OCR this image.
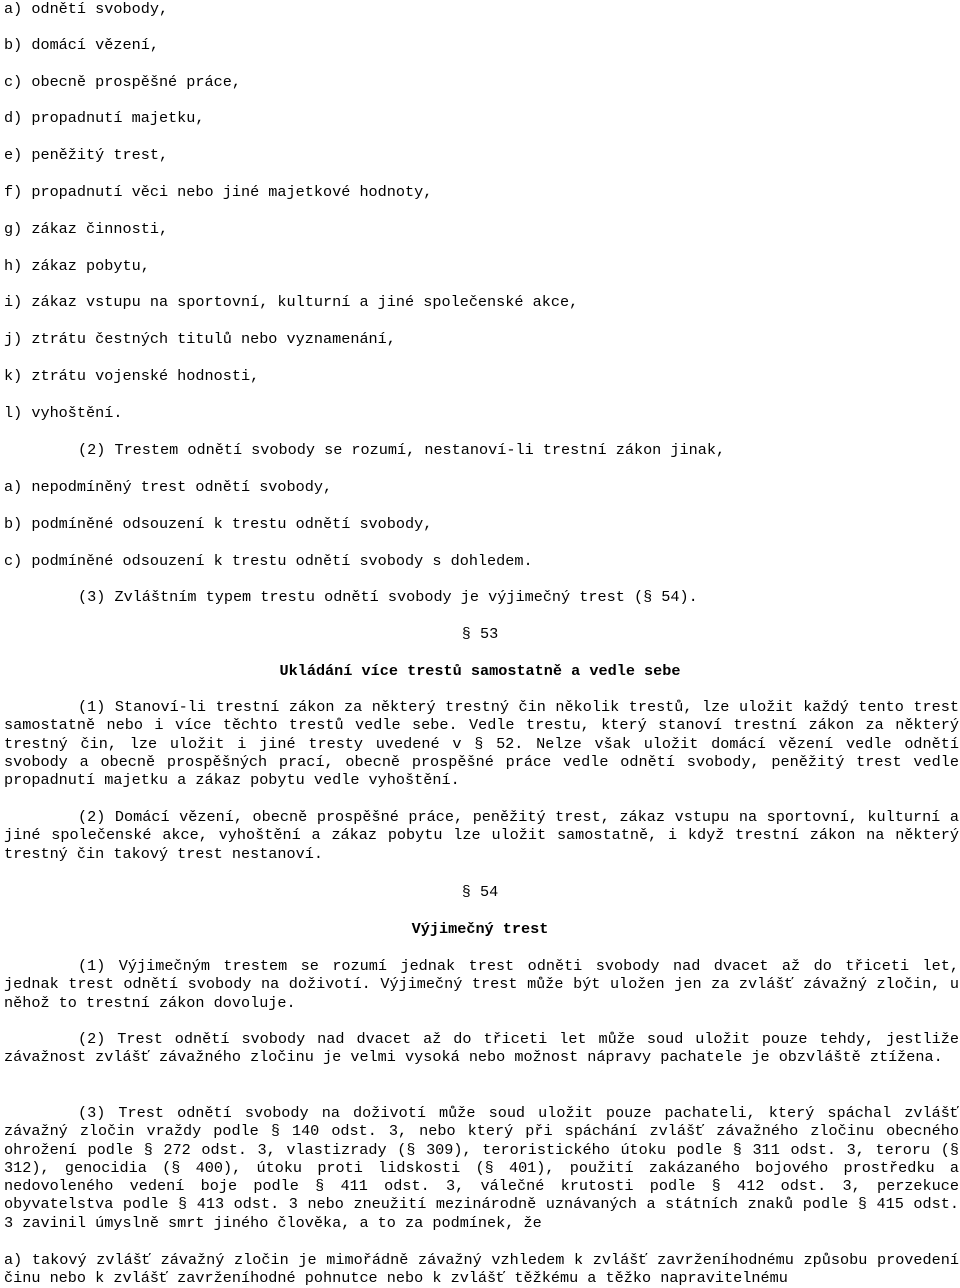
a) odnětí svobody,
b) domácí vězení,
c) obecně prospěšné práce,
d) propadnutí majetku,
e) peněžitý trest,
f) propadnutí věci nebo jiné majetkové hodnoty,
g) zákaz činnosti,
h) zákaz pobytu,
i) zákaz vstupu na sportovní, kulturní a jiné společenské akce,
j) ztrátu čestných titulů nebo vyznamenání,
k) ztrátu vojenské hodnosti,
l) vyhoštění.
(2) Trestem odnětí svobody se rozumí, nestanoví-li trestní zákon jinak,
a) nepodmíněný trest odnětí svobody,
b) podmíněné odsouzení k trestu odnětí svobody,
c) podmíněné odsouzení k trestu odnětí svobody s dohledem.
(3) Zvláštním typem trestu odnětí svobody je výjimečný trest (§ 54).
§ 53
Ukládání více trestů samostatně a vedle sebe
(1) Stanoví-li trestní zákon za některý trestný čin několik trestů, lze uložit každý tento trest samostatně nebo i více těchto trestů vedle sebe. Vedle trestu, který stanoví trestní zákon za některý trestný čin, lze uložit i jiné tresty uvedené v § 52. Nelze však uložit domácí vězení vedle odnětí svobody a obecně prospěšných prací, obecně prospěšné práce vedle odnětí svobody, peněžitý trest vedle propadnutí majetku a zákaz pobytu vedle vyhoštění.
(2) Domácí vězení, obecně prospěšné práce, peněžitý trest, zákaz vstupu na sportovní, kulturní a jiné společenské akce, vyhoštění a zákaz pobytu lze uložit samostatně, i když trestní zákon na některý trestný čin takový trest nestanoví.
§ 54
Výjimečný trest
(1) Výjimečným trestem se rozumí jednak trest odněti svobody nad dvacet až do třiceti let, jednak trest odnětí svobody na doživotí. Výjimečný trest může být uložen jen za zvlášť závažný zločin, u něhož to trestní zákon dovoluje.
(2) Trest odnětí svobody nad dvacet až do třiceti let může soud uložit pouze tehdy, jestliže závažnost zvlášť závažného zločinu je velmi vysoká nebo možnost nápravy pachatele je obzvláště ztížena.
(3) Trest odnětí svobody na doživotí může soud uložit pouze pachateli, který spáchal zvlášť závažný zločin vraždy podle § 140 odst. 3, nebo který při spáchání zvlášť závažného zločinu obecného ohrožení podle § 272 odst. 3, vlastizrady (§ 309), teroristického útoku podle § 311 odst. 3, teroru (§ 312), genocidia (§ 400), útoku proti lidskosti (§ 401), použití zakázaného bojového prostředku a nedovoleného vedení boje podle § 411 odst. 3, válečné krutosti podle § 412 odst. 3, perzekuce obyvatelstva podle § 413 odst. 3 nebo zneužití mezinárodně uznávaných a státních znaků podle § 415 odst. 3 zavinil úmyslně smrt jiného člověka, a to za podmínek, že
a) takový zvlášť závažný zločin je mimořádně závažný vzhledem k zvlášť zavrženíhodnému způsobu provedení činu nebo k zvlášť zavrženíhodné pohnutce nebo k zvlášť těžkému a těžko napravitelnému
